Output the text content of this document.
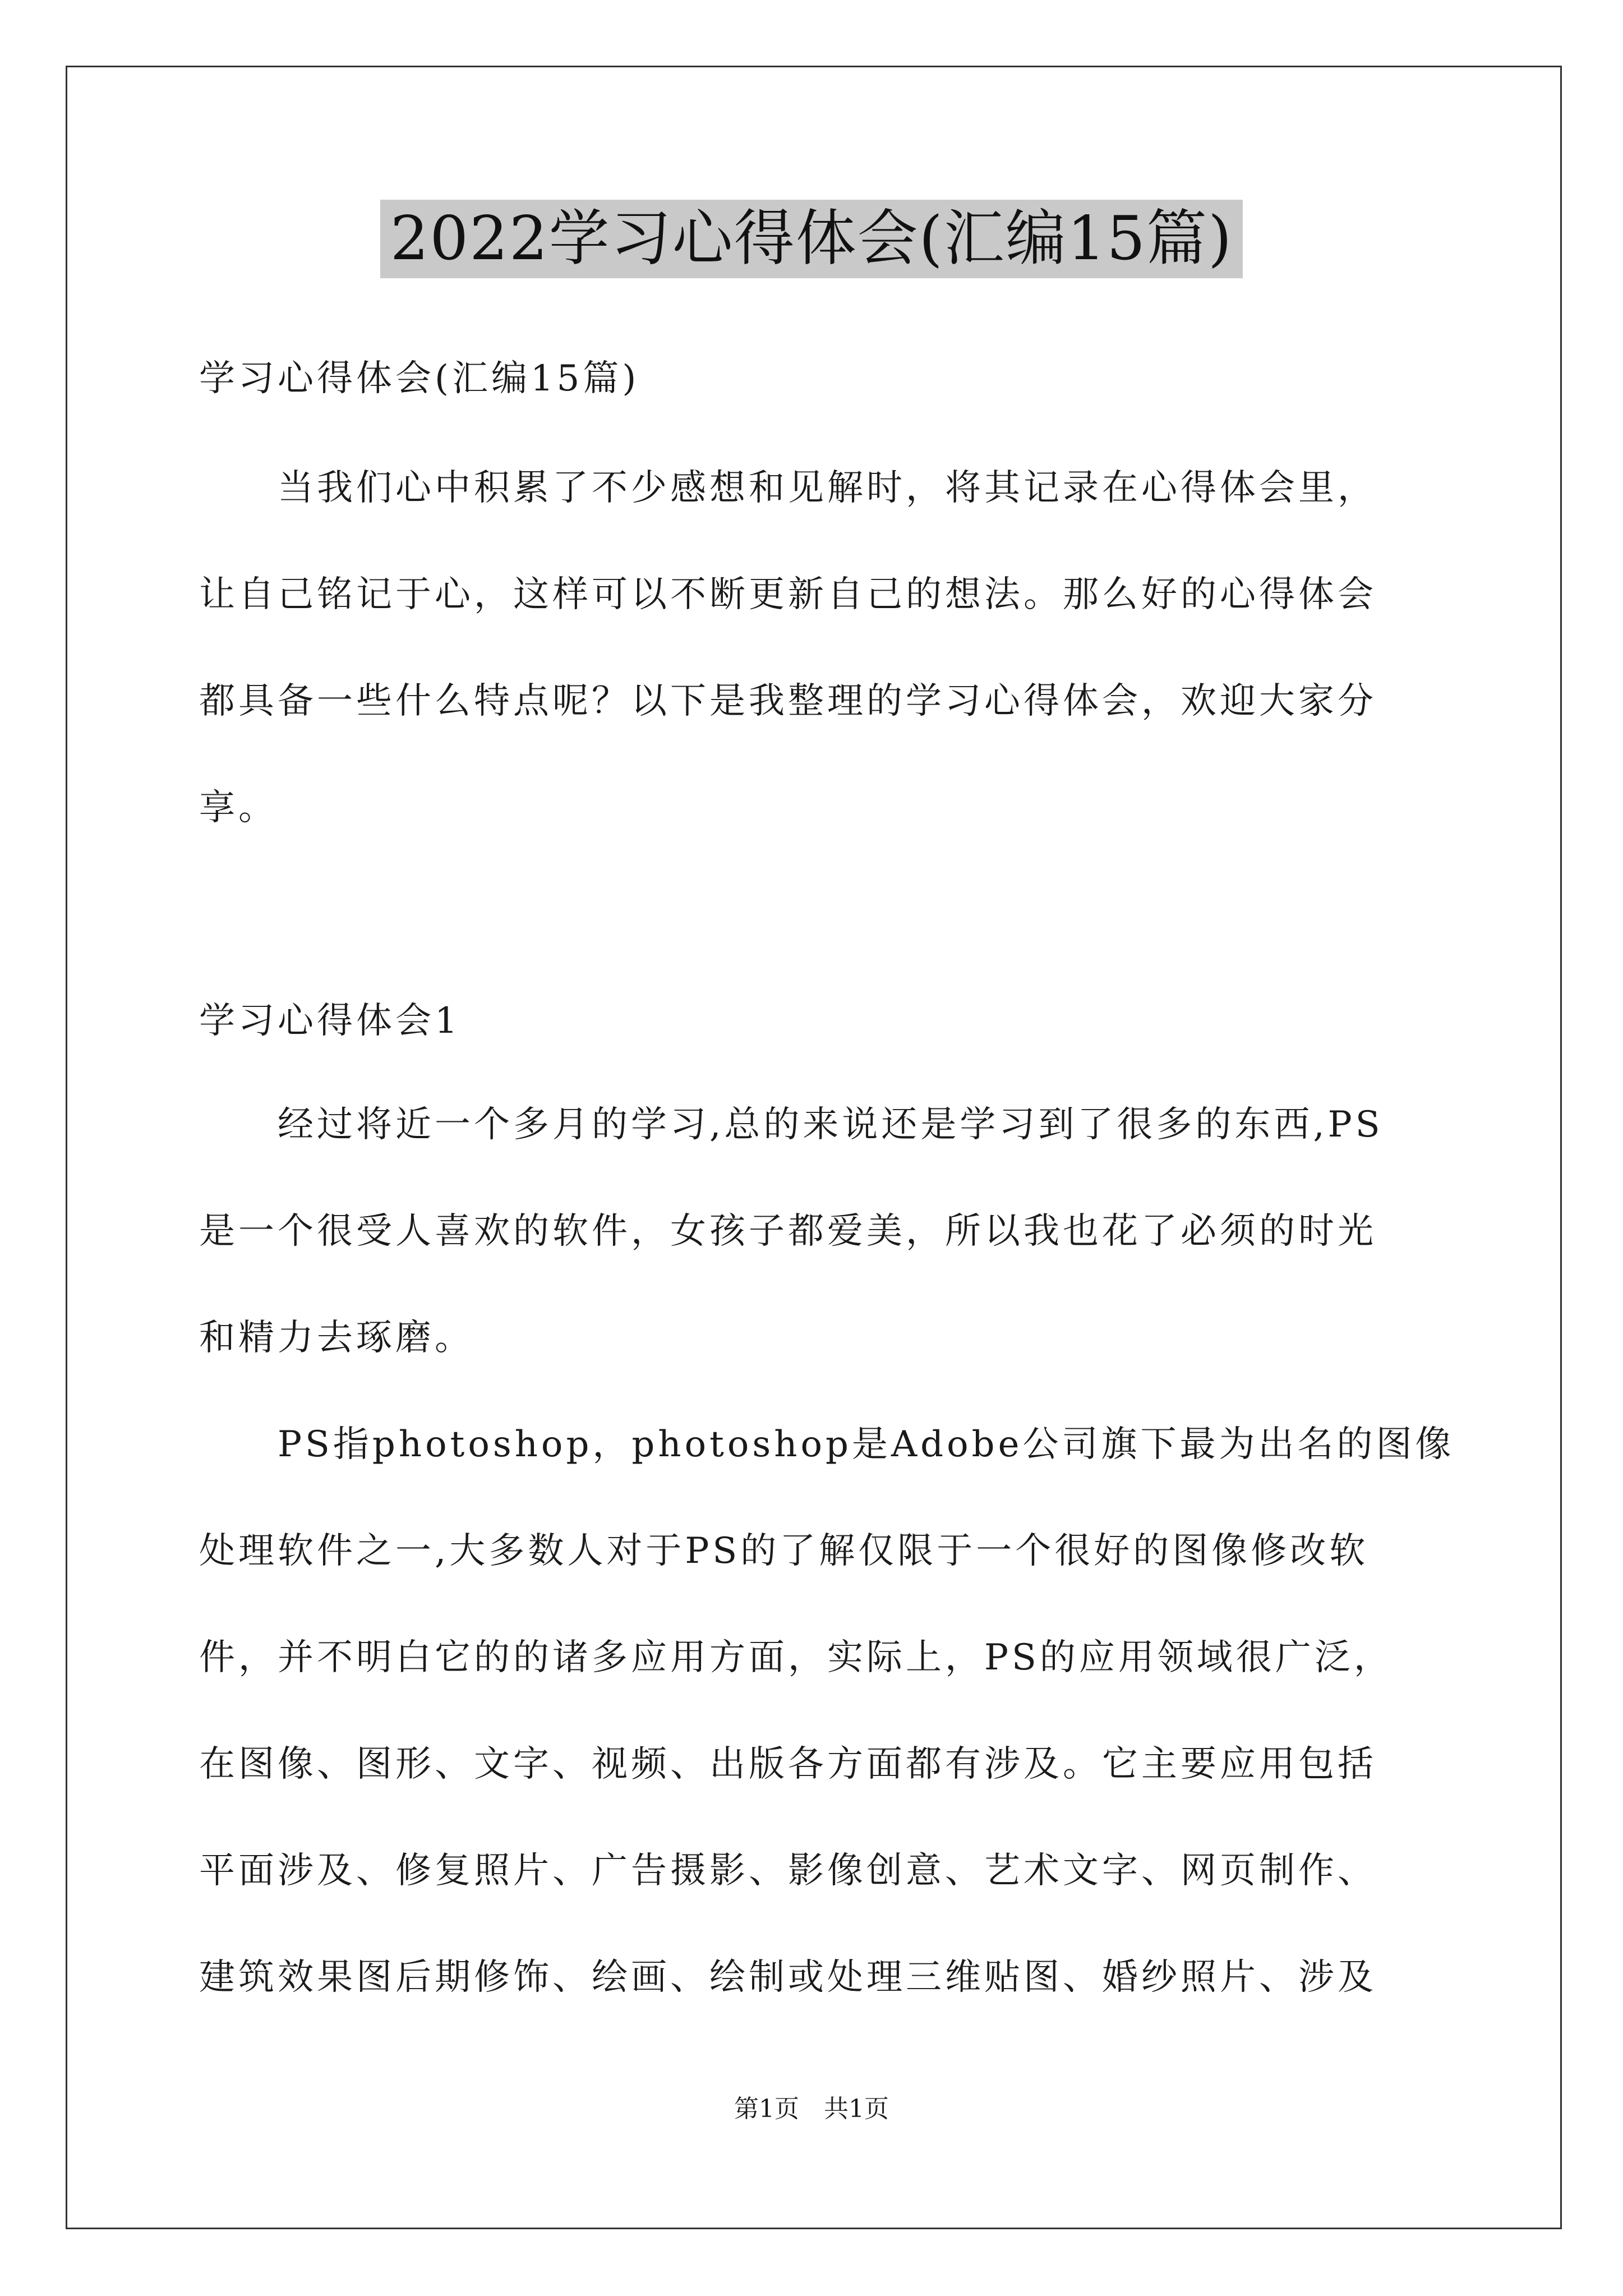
2022学习心得体会(汇编15篇)
学习心得体会(汇编15篇)
　　当我们心中积累了不少感想和见解时，将其记录在心得体会里，
让自己铭记于心，这样可以不断更新自己的想法。那么好的心得体会
都具备一些什么特点呢？以下是我整理的学习心得体会，欢迎大家分
享。
学习心得体会1
　　经过将近一个多月的学习,总的来说还是学习到了很多的东西,PS
是一个很受人喜欢的软件，女孩子都爱美，所以我也花了必须的时光
和精力去琢磨。
　　PS指photoshop，photoshop是Adobe公司旗下最为出名的图像
处理软件之一,大多数人对于PS的了解仅限于一个很好的图像修改软
件，并不明白它的的诸多应用方面，实际上，PS的应用领域很广泛，
在图像、图形、文字、视频、出版各方面都有涉及。它主要应用包括
平面涉及、修复照片、广告摄影、影像创意、艺术文字、网页制作、
建筑效果图后期修饰、绘画、绘制或处理三维贴图、婚纱照片、涉及
第1页　共1页
